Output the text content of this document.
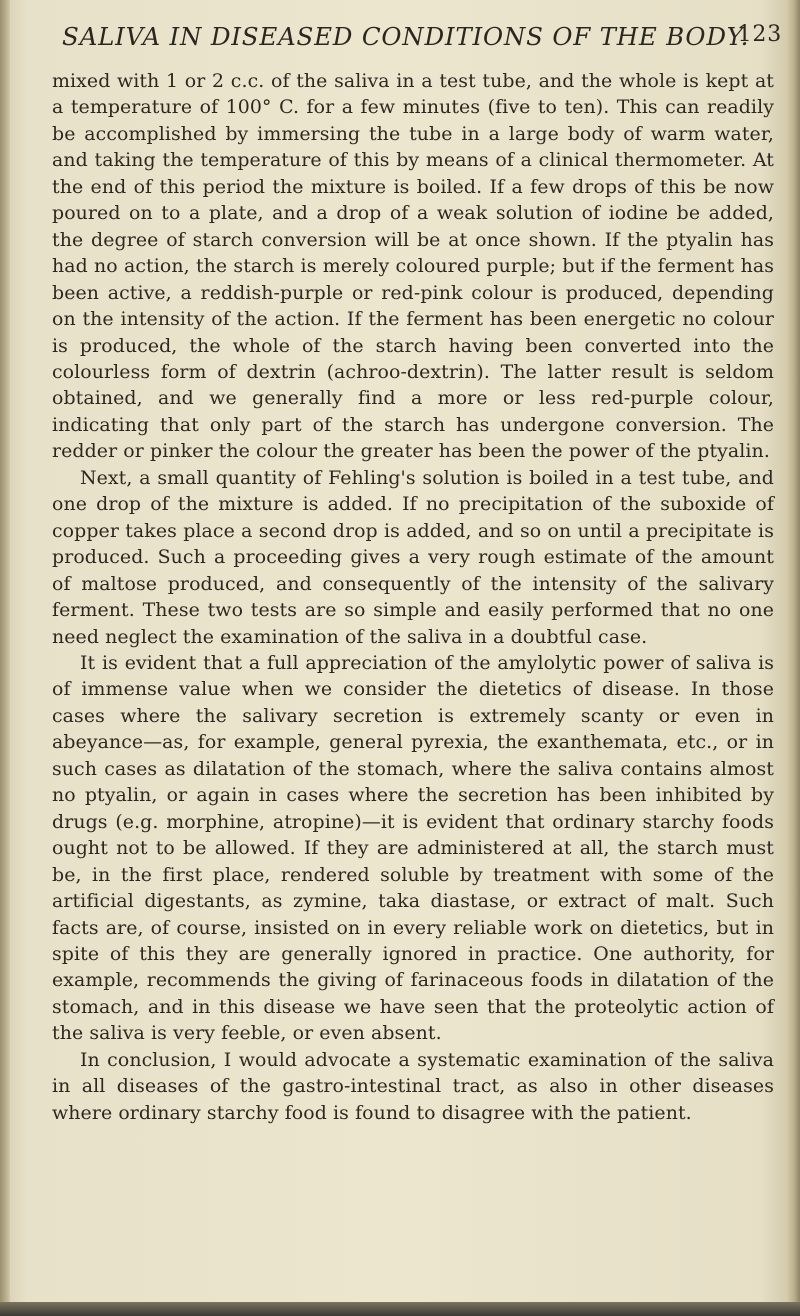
SALIVA IN DISEASED CONDITIONS OF THE BODY.
123

mixed with 1 or 2 c.c. of the saliva in a test tube, and the whole is kept at a temperature of 100° C. for a few minutes (five to ten). This can readily be accomplished by immersing the tube in a large body of warm water, and taking the temperature of this by means of a clinical thermometer. At the end of this period the mixture is boiled. If a few drops of this be now poured on to a plate, and a drop of a weak solution of iodine be added, the degree of starch conversion will be at once shown. If the ptyalin has had no action, the starch is merely coloured purple; but if the ferment has been active, a reddish-purple or red-pink colour is produced, depending on the intensity of the action. If the ferment has been energetic no colour is produced, the whole of the starch having been converted into the colourless form of dextrin (achroo-dextrin). The latter result is seldom obtained, and we generally find a more or less red-purple colour, indicating that only part of the starch has undergone conversion. The redder or pinker the colour the greater has been the power of the ptyalin.

Next, a small quantity of Fehling's solution is boiled in a test tube, and one drop of the mixture is added. If no precipitation of the suboxide of copper takes place a second drop is added, and so on until a precipitate is produced. Such a proceeding gives a very rough estimate of the amount of maltose produced, and consequently of the intensity of the salivary ferment. These two tests are so simple and easily performed that no one need neglect the examination of the saliva in a doubtful case.

It is evident that a full appreciation of the amylolytic power of saliva is of immense value when we consider the dietetics of disease. In those cases where the salivary secretion is extremely scanty or even in abeyance—as, for example, general pyrexia, the exanthemata, etc., or in such cases as dilatation of the stomach, where the saliva contains almost no ptyalin, or again in cases where the secretion has been inhibited by drugs (e.g. morphine, atropine)—it is evident that ordinary starchy foods ought not to be allowed. If they are administered at all, the starch must be, in the first place, rendered soluble by treatment with some of the artificial digestants, as zymine, taka diastase, or extract of malt. Such facts are, of course, insisted on in every reliable work on dietetics, but in spite of this they are generally ignored in practice. One authority, for example, recommends the giving of farinaceous foods in dilatation of the stomach, and in this disease we have seen that the proteolytic action of the saliva is very feeble, or even absent.

In conclusion, I would advocate a systematic examination of the saliva in all diseases of the gastro-intestinal tract, as also in other diseases where ordinary starchy food is found to disagree with the patient.
